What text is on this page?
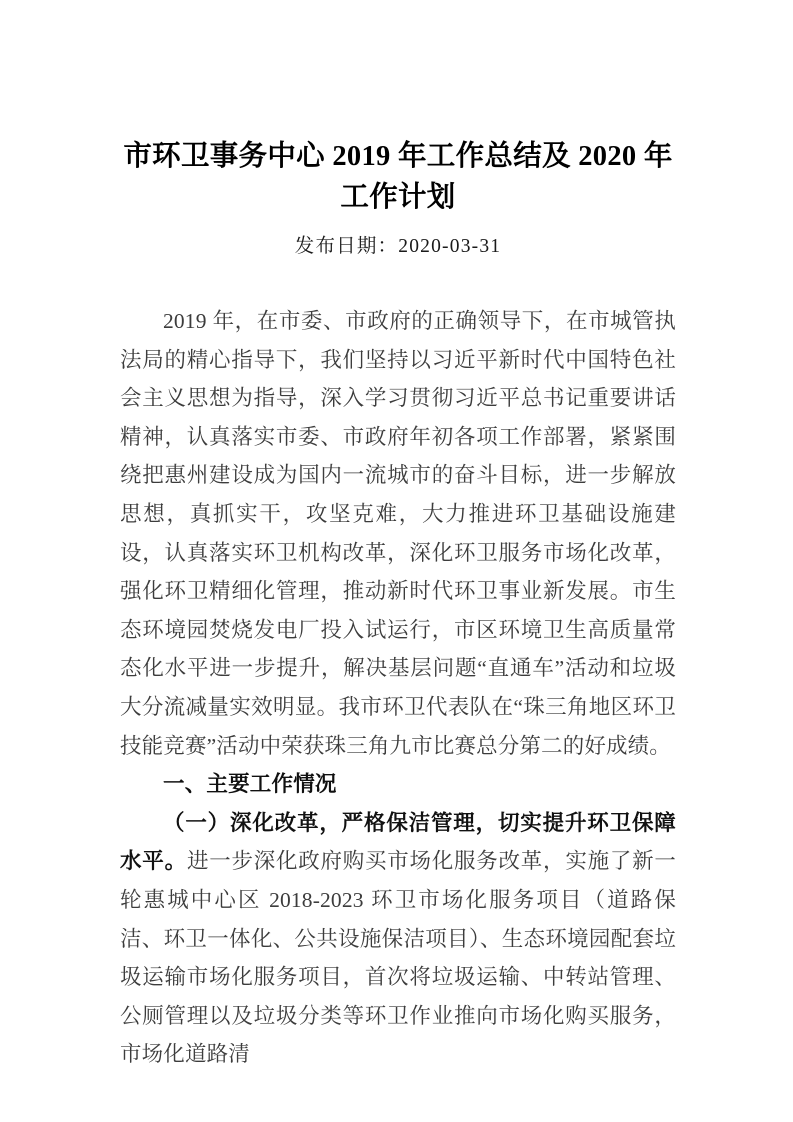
市环卫事务中心 2019 年工作总结及 2020 年
工作计划

发布日期：2020-03-31

2019 年，在市委、市政府的正确领导下，在市城管执法局的精心指导下，我们坚持以习近平新时代中国特色社会主义思想为指导，深入学习贯彻习近平总书记重要讲话精神，认真落实市委、市政府年初各项工作部署，紧紧围绕把惠州建设成为国内一流城市的奋斗目标，进一步解放思想，真抓实干，攻坚克难，大力推进环卫基础设施建设，认真落实环卫机构改革，深化环卫服务市场化改革，强化环卫精细化管理，推动新时代环卫事业新发展。市生态环境园焚烧发电厂投入试运行，市区环境卫生高质量常态化水平进一步提升，解决基层问题“直通车”活动和垃圾大分流减量实效明显。我市环卫代表队在“珠三角地区环卫技能竞赛”活动中荣获珠三角九市比赛总分第二的好成绩。

一、主要工作情况

（一）深化改革，严格保洁管理，切实提升环卫保障水平。进一步深化政府购买市场化服务改革，实施了新一轮惠城中心区 2018-2023 环卫市场化服务项目（道路保洁、环卫一体化、公共设施保洁项目）、生态环境园配套垃圾运输市场化服务项目，首次将垃圾运输、中转站管理、公厕管理以及垃圾分类等环卫作业推向市场化购买服务，市场化道路清
